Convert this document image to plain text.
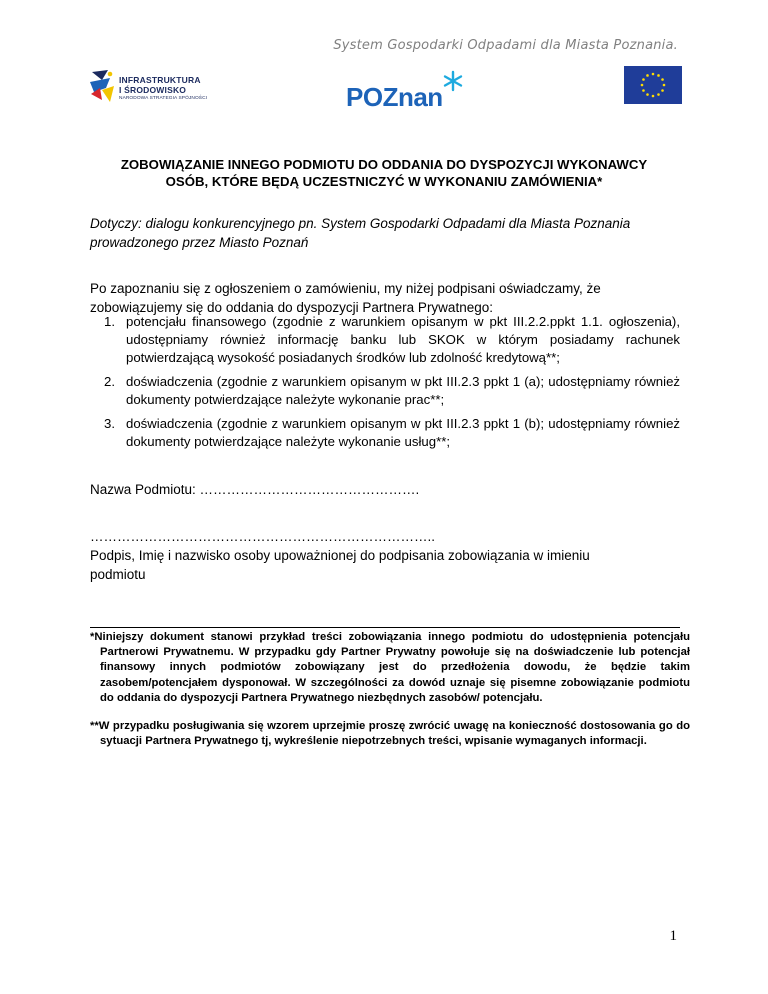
System Gospodarki Odpadami dla Miasta Poznania.
INFRASTRUKTURA
I ŚRODOWISKO
NARODOWA STRATEGIA SPÓJNOŚCI	POZnan
ZOBOWIĄZANIE INNEGO PODMIOTU DO ODDANIA DO DYSPOZYCJI WYKONAWCY
OSÓB, KTÓRE BĘDĄ UCZESTNICZYĆ W WYKONANIU ZAMÓWIENIA*
Dotyczy: dialogu konkurencyjnego pn. System Gospodarki Odpadami dla Miasta Poznania
prowadzonego przez Miasto Poznań
Po zapoznaniu się z ogłoszeniem o zamówieniu, my niżej podpisani oświadczamy, że
zobowiązujemy się do oddania do dyspozycji Partnera Prywatnego:
1. potencjału finansowego (zgodnie z warunkiem opisanym w pkt III.2.2.ppkt 1.1. ogłoszenia), udostępniamy również informację banku lub SKOK w którym posiadamy rachunek potwierdzającą wysokość posiadanych środków lub zdolność kredytową**;
2. doświadczenia (zgodnie z warunkiem opisanym w pkt III.2.3 ppkt 1 (a); udostępniamy również dokumenty potwierdzające należyte wykonanie prac**;
3. doświadczenia (zgodnie z warunkiem opisanym w pkt III.2.3 ppkt 1 (b); udostępniamy również dokumenty potwierdzające należyte wykonanie usług**;
Nazwa Podmiotu: ………………………………………….
…………………………………………………………………..
Podpis, Imię i nazwisko osoby upoważnionej do podpisania zobowiązania w imieniu
podmiotu
*Niniejszy dokument stanowi przykład treści zobowiązania innego podmiotu do udostępnienia potencjału Partnerowi Prywatnemu. W przypadku gdy Partner Prywatny powołuje się na doświadczenie lub potencjał finansowy innych podmiotów zobowiązany jest do przedłożenia dowodu, że będzie takim zasobem/potencjałem dysponował. W szczególności za dowód uznaje się pisemne zobowiązanie podmiotu do oddania do dyspozycji Partnera Prywatnego niezbędnych zasobów/ potencjału.
**W przypadku posługiwania się wzorem uprzejmie proszę zwrócić uwagę na konieczność dostosowania go do sytuacji Partnera Prywatnego tj, wykreślenie niepotrzebnych treści, wpisanie wymaganych informacji.
1
